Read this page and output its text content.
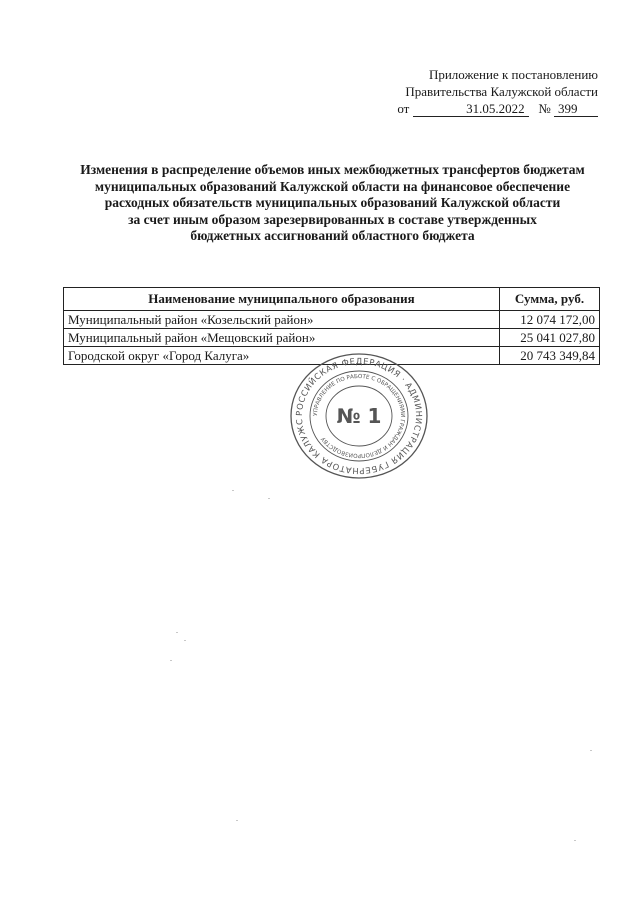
Приложение к постановлению
Правительства Калужской области
от	31.05.2022 № 399
Изменения в распределение объемов иных межбюджетных трансфертов бюджетам
муниципальных образований Калужской области на финансовое обеспечение
расходных обязательств муниципальных образований Калужской области
за счет иным образом зарезервированных в составе утвержденных
бюджетных ассигнований областного бюджета
Наименование муниципального образования	Сумма, руб.
Муниципальный район «Козельский район»	12 074 172,00
Муниципальный район «Мещовский район»	25 041 027,80
Городской округ «Город Калуга»	20 743 349,84
РОССИЙСКАЯ ФЕДЕРАЦИЯ · АДМИНИСТРАЦИЯ ГУБЕРНАТОРА КАЛУЖС
УПРАВЛЕНИЕ ПО РАБОТЕ С ОБРАЩЕНИЯМИ ГРАЖДАН И ДЕЛОПРОИЗВОДСТВУ
№ 1
